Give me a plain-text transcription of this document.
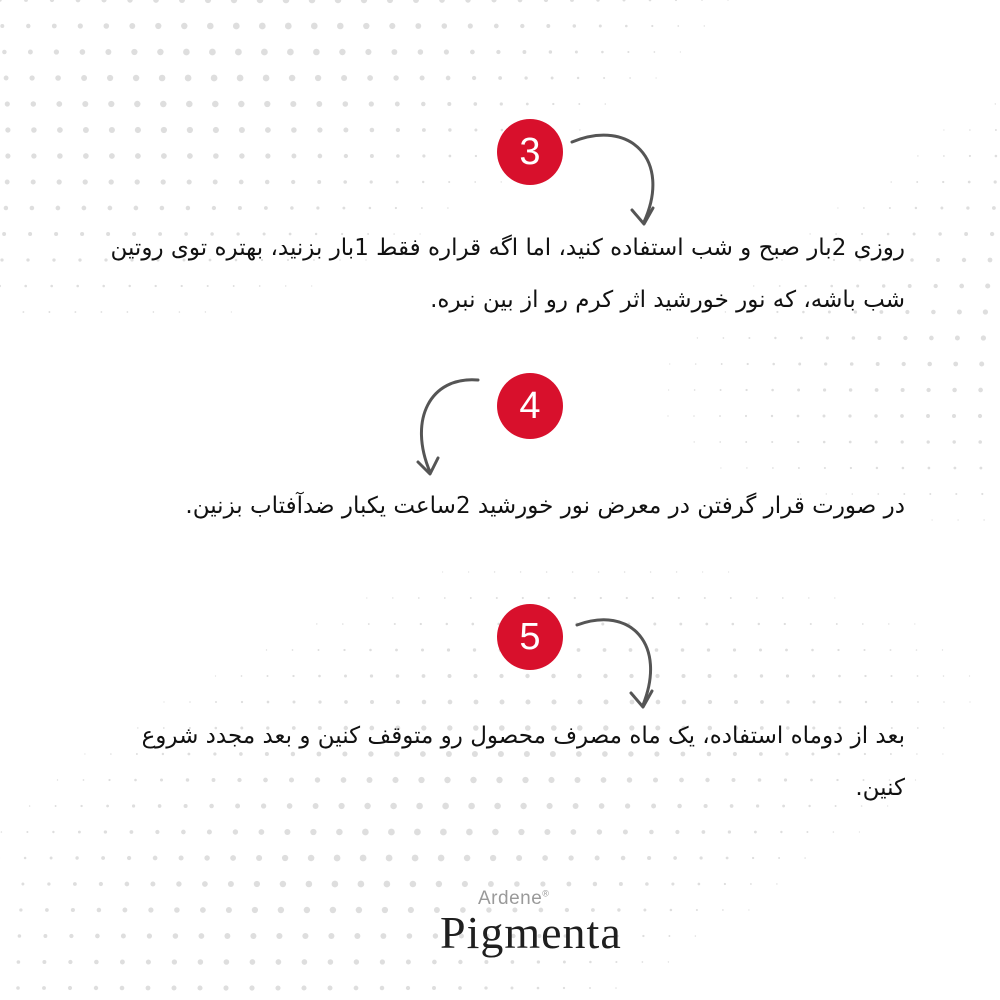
3

روزی 2بار صبح و شب استفاده کنید، اما اگه قراره فقط 1بار بزنید، بهتره توی روتین شب باشه، که نور خورشید اثر کرم رو از بین نبره.

4

در صورت قرار گرفتن در معرض نور خورشید 2ساعت یکبار ضدآفتاب بزنین.

5

بعد از دوماه استفاده، یک ماه مصرف محصول رو متوقف کنین و بعد مجدد شروع کنین.

Ardene®
Pigmenta
